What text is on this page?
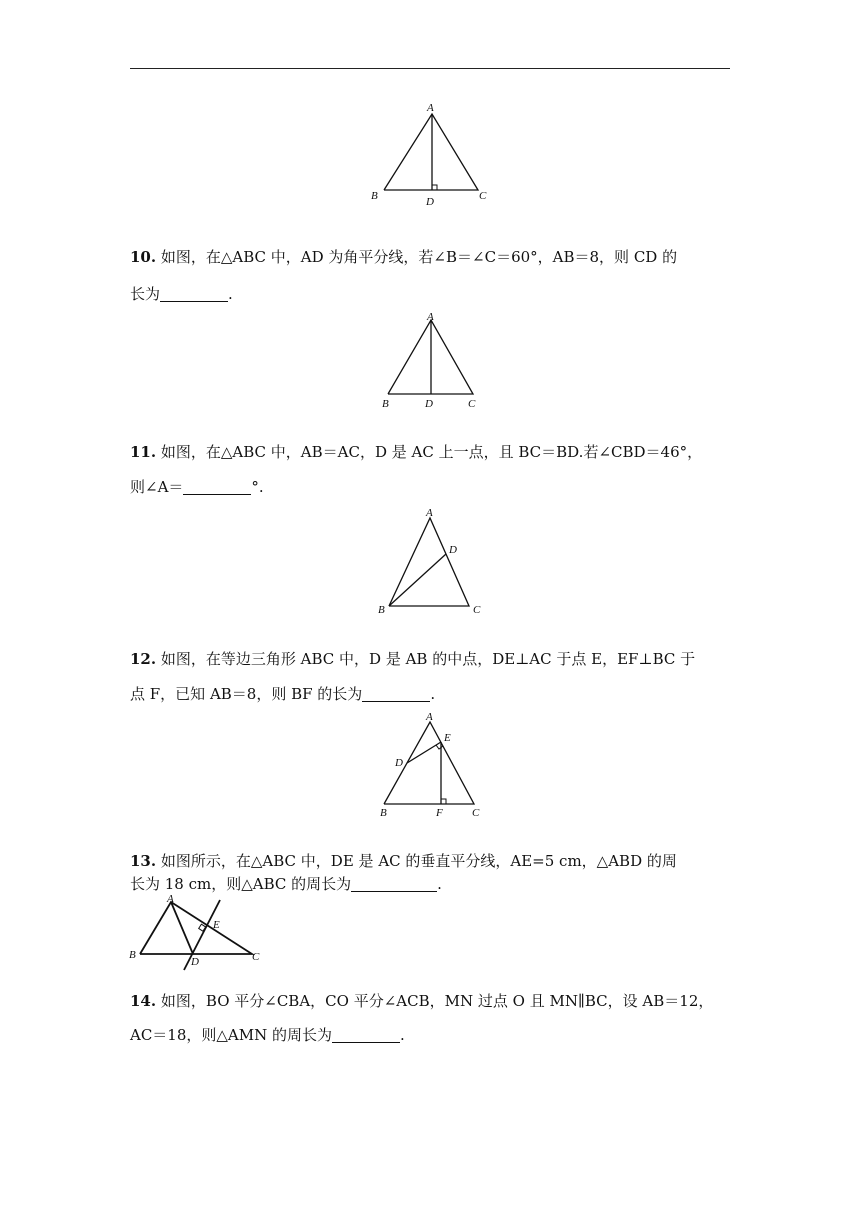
A
B	D	C
10. 如图，在△ABC 中，AD 为角平分线，若∠B＝∠C＝60°，AB＝8，则 CD 的
长为	.
A
B	D	C
11. 如图，在△ABC 中，AB＝AC，D 是 AC 上一点，且 BC＝BD.若∠CBD＝46°，
则∠A＝	°.
A
D
B	C
12. 如图，在等边三角形 ABC 中，D 是 AB 的中点，DE⊥AC 于点 E，EF⊥BC 于
点 F，已知 AB＝8，则 BF 的长为	.
A
E
D
B	F	C
13. 如图所示，在△ABC 中，DE 是 AC 的垂直平分线，AE=5 cm，△ABD 的周
长为 18 cm，则△ABC 的周长为	.
A
E
B
D	C
14. 如图，BO 平分∠CBA，CO 平分∠ACB，MN 过点 O 且 MN∥BC，设 AB＝12，
AC＝18，则△AMN 的周长为	.
